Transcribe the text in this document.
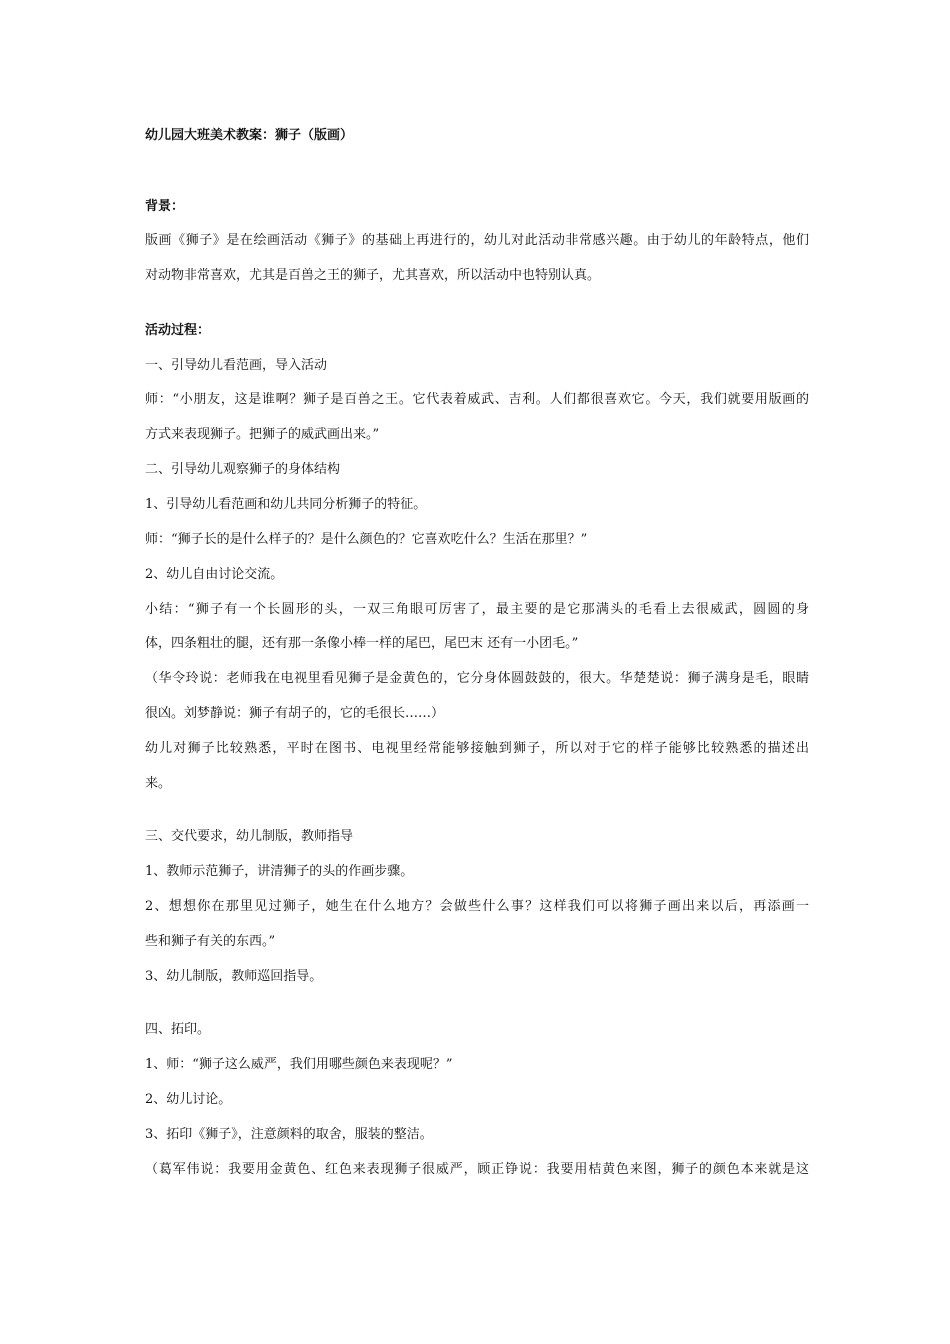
幼儿园大班美术教案：狮子（版画）
背景：
版画《狮子》是在绘画活动《狮子》的基础上再进行的，幼儿对此活动非常感兴趣。由于幼儿的年龄特点，他们
对动物非常喜欢，尤其是百兽之王的狮子，尤其喜欢，所以活动中也特别认真。
活动过程：
一、引导幼儿看范画，导入活动
师：“小朋友，这是谁啊？狮子是百兽之王。它代表着威武、吉利。人们都很喜欢它。今天，我们就要用版画的
方式来表现狮子。把狮子的威武画出来。”
二、引导幼儿观察狮子的身体结构
1、引导幼儿看范画和幼儿共同分析狮子的特征。
师：“狮子长的是什么样子的？是什么颜色的？它喜欢吃什么？生活在那里？”
2、幼儿自由讨论交流。
小结：“狮子有一个长圆形的头，一双三角眼可厉害了，最主要的是它那满头的毛看上去很威武，圆圆的身
体，四条粗壮的腿，还有那一条像小棒一样的尾巴，尾巴末 还有一小团毛。”
（华令玲说：老师我在电视里看见狮子是金黄色的，它分身体圆鼓鼓的，很大。华楚楚说：狮子满身是毛，眼睛
很凶。刘梦静说：狮子有胡子的，它的毛很长……）
幼儿对狮子比较熟悉，平时在图书、电视里经常能够接触到狮子，所以对于它的样子能够比较熟悉的描述出
来。
三、交代要求，幼儿制版，教师指导
1、教师示范狮子，讲清狮子的头的作画步骤。
2、想想你在那里见过狮子，她生在什么地方？会做些什么事？这样我们可以将狮子画出来以后，再添画一
些和狮子有关的东西。”
3、幼儿制版，教师巡回指导。
四、拓印。
1、师：“狮子这么威严，我们用哪些颜色来表现呢？”
2、幼儿讨论。
3、拓印《狮子》，注意颜料的取舍，服装的整洁。
（葛军伟说：我要用金黄色、红色来表现狮子很威严，顾正铮说：我要用桔黄色来图，狮子的颜色本来就是这
